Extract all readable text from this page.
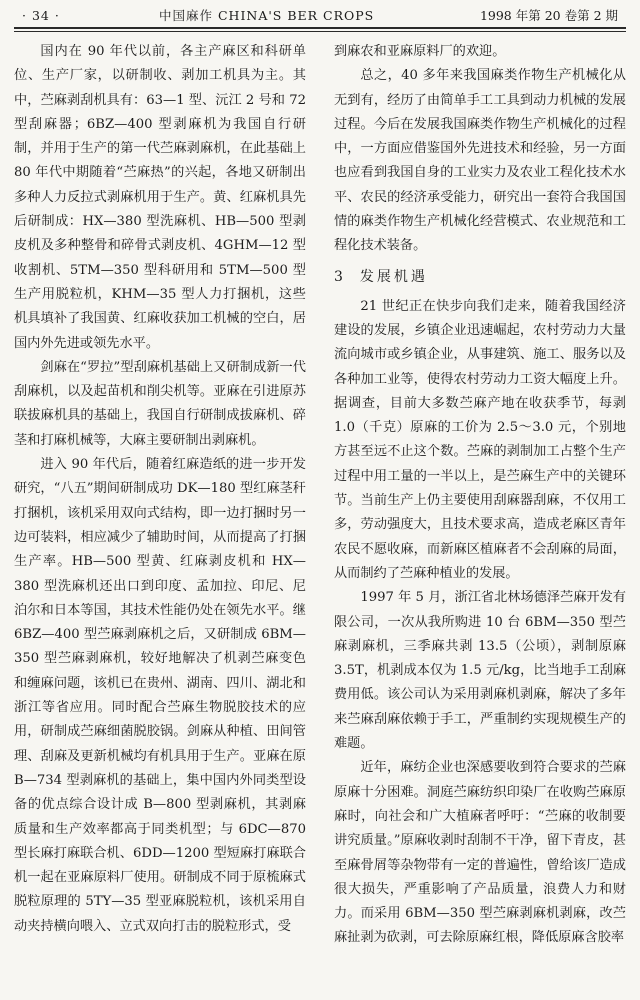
· 34 ·	中国麻作 CHINA'S BER CROPS	1998 年第 20 卷第 2 期

国内在 90 年代以前，各主产麻区和科研单位、生产厂家，以研制收、剥加工机具为主。其中，苎麻剥刮机具有：63—1 型、沅江 2 号和 72 型刮麻器；6BZ—400 型剥麻机为我国自行研制，并用于生产的第一代苎麻剥麻机，在此基础上 80 年代中期随着“苎麻热”的兴起，各地又研制出多种人力反拉式剥麻机用于生产。黄、红麻机具先后研制成：HX—380 型洗麻机、HB—500 型剥皮机及多种整骨和碎骨式剥皮机、4GHM—12 型收割机、5TM—350 型科研用和 5TM—500 型生产用脱粒机，KHM—35 型人力打捆机，这些机具填补了我国黄、红麻收获加工机械的空白，居国内外先进或领先水平。

剑麻在“罗拉”型刮麻机基础上又研制成新一代刮麻机，以及起苗机和削尖机等。亚麻在引进原苏联拔麻机具的基础上，我国自行研制成拔麻机、碎茎和打麻机械等，大麻主要研制出剥麻机。

进入 90 年代后，随着红麻造纸的进一步开发研究，“八五”期间研制成功 DK—180 型红麻茎秆打捆机，该机采用双向式结构，即一边打捆时另一边可装料，相应减少了辅助时间，从而提高了打捆生产率。HB—500 型黄、红麻剥皮机和 HX—380 型洗麻机还出口到印度、孟加拉、印尼、尼泊尔和日本等国，其技术性能仍处在领先水平。继 6BZ—400 型苎麻剥麻机之后，又研制成 6BM—350 型苎麻剥麻机，较好地解决了机剥苎麻变色和缠麻问题，该机已在贵州、湖南、四川、湖北和浙江等省应用。同时配合苎麻生物脱胶技术的应用，研制成苎麻细菌脱胶锅。剑麻从种植、田间管理、刮麻及更新机械均有机具用于生产。亚麻在原 B—734 型剥麻机的基础上，集中国内外同类型设备的优点综合设计成 B—800 型剥麻机，其剥麻质量和生产效率都高于同类机型；与 6DC—870 型长麻打麻联合机、6DD—1200 型短麻打麻联合机一起在亚麻原料厂使用。研制成不同于原梳麻式脱粒原理的 5TY—35 型亚麻脱粒机，该机采用自动夹持横向喂入、立式双向打击的脱粒形式，受

到麻农和亚麻原料厂的欢迎。

总之，40 多年来我国麻类作物生产机械化从无到有，经历了由简单手工工具到动力机械的发展过程。今后在发展我国麻类作物生产机械化的过程中，一方面应借鉴国外先进技术和经验，另一方面也应看到我国自身的工业实力及农业工程化技术水平、农民的经济承受能力，研究出一套符合我国国情的麻类作物生产机械化经营模式、农业规范和工程化技术装备。

3 发展机遇

21 世纪正在快步向我们走来，随着我国经济建设的发展，乡镇企业迅速崛起，农村劳动力大量流向城市或乡镇企业，从事建筑、施工、服务以及各种加工业等，使得农村劳动力工资大幅度上升。据调查，目前大多数苎麻产地在收获季节，每剥 1.0（千克）原麻的工价为 2.5～3.0 元，个别地方甚至远不止这个数。苎麻的剥制加工占整个生产过程中用工量的一半以上，是苎麻生产中的关键环节。当前生产上仍主要使用刮麻器刮麻，不仅用工多，劳动强度大，且技术要求高，造成老麻区青年农民不愿收麻，而新麻区植麻者不会刮麻的局面，从而制约了苎麻种植业的发展。

1997 年 5 月，浙江省北林场德泽苎麻开发有限公司，一次从我所购进 10 台 6BM—350 型苎麻剥麻机，三季麻共剥 13.5（公顷），剥制原麻 3.5T，机剥成本仅为 1.5 元/kg，比当地手工刮麻费用低。该公司认为采用剥麻机剥麻，解决了多年来苎麻刮麻依赖于手工，严重制约实现规模生产的难题。

近年，麻纺企业也深感要收到符合要求的苎麻原麻十分困难。洞庭苎麻纺织印染厂在收购苎麻原麻时，向社会和广大植麻者呼吁：“苎麻的收制要讲究质量。”原麻收剥时刮制不干净，留下青皮，甚至麻骨屑等杂物带有一定的普遍性，曾给该厂造成很大损失，严重影响了产品质量，浪费人力和财力。而采用 6BM—350 型苎麻剥麻机剥麻，改苎麻扯剥为砍剥，可去除原麻红根，降低原麻含胶率
